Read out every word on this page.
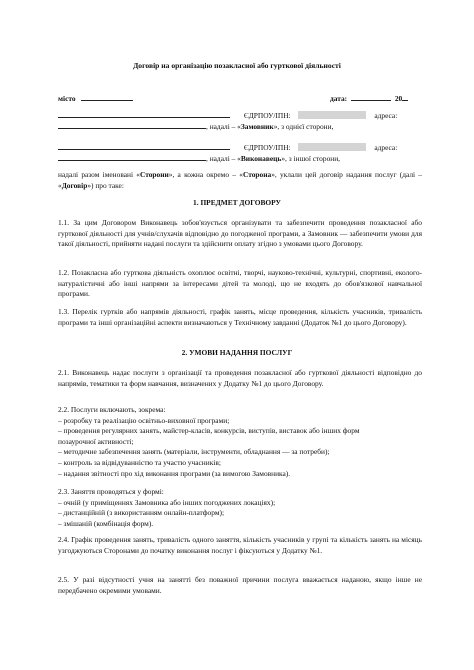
Договір на організацію позакласної або гурткової діяльності
місто	дата:	20
ЄДРПОУ/ІПН:	адреса:
, надалі – «Замовник», з однієї сторони,
ЄДРПОУ/ІПН:	адреса:
, надалі – «Виконавець», з іншої сторони,
надалі разом іменовані «Сторони», а кожна окремо – «Сторона», уклали цей договір надання послуг (далі – «Договір») про таке:
1. ПРЕДМЕТ ДОГОВОРУ
1.1. За цим Договором Виконавець зобов'язується організувати та забезпечити проведення позакласної або гурткової діяльності для учнів/слухачів відповідно до погодженої програми, а Замовник — забезпечити умови для такої діяльності, прийняти надані послуги та здійснити оплату згідно з умовами цього Договору.
1.2. Позакласна або гурткова діяльність охоплює освітні, творчі, науково-технічні, культурні, спортивні, еколого-натуралістичні або інші напрями за інтересами дітей та молоді, що не входять до обов'язкової навчальної програми.
1.3. Перелік гуртків або напрямів діяльності, графік занять, місце проведення, кількість учасників, тривалість програми та інші організаційні аспекти визначаються у Технічному завданні (Додаток №1 до цього Договору).
2. УМОВИ НАДАННЯ ПОСЛУГ
2.1. Виконавець надає послуги з організації та проведення позакласної або гурткової діяльності відповідно до напрямів, тематики та форм навчання, визначених у Додатку №1 до цього Договору.
2.2. Послуги включають, зокрема:
– розробку та реалізацію освітньо-виховної програми;
– проведення регулярних занять, майстер-класів, конкурсів, виступів, виставок або інших форм
позаурочної активності;
– методичне забезпечення занять (матеріали, інструменти, обладнання — за потреби);
– контроль за відвідуванністю та участю учасників;
– надання звітності про хід виконання програми (за вимогою Замовника).
2.3. Заняття проводяться у формі:
– очній (у приміщеннях Замовника або інших погоджених локаціях);
– дистанційній (з використанням онлайн-платформ);
– змішаній (комбінація форм).
2.4. Графік проведення занять, тривалість одного заняття, кількість учасників у групі та кількість занять на місяць узгоджуються Сторонами до початку виконання послуг і фіксуються у Додатку №1.
2.5. У разі відсутності учня на занятті без поважної причини послуга вважається наданою, якщо інше не передбачено окремими умовами.
